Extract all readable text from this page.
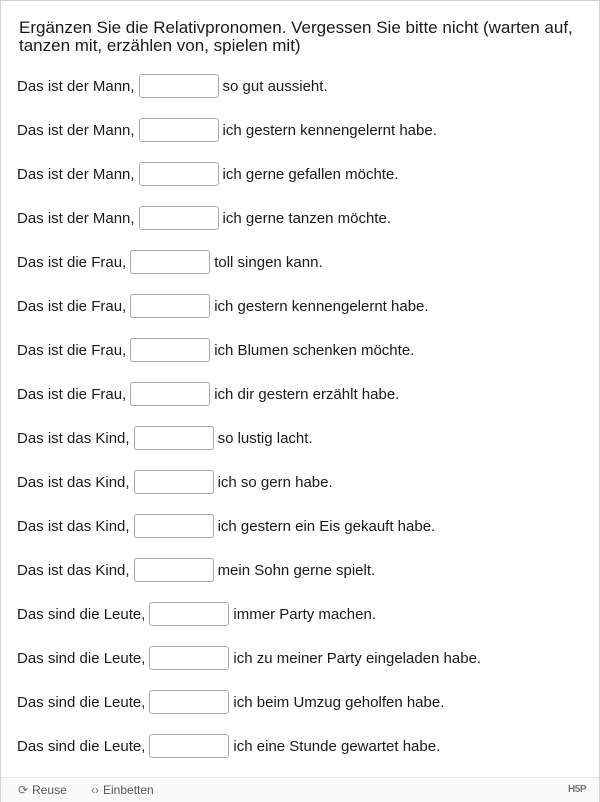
Ergänzen Sie die Relativpronomen. Vergessen Sie bitte nicht (warten auf, tanzen mit, erzählen von, spielen mit)

Das ist der Mann,	so gut aussieht.
Das ist der Mann,	ich gestern kennengelernt habe.
Das ist der Mann,	ich gerne gefallen möchte.
Das ist der Mann,	ich gerne tanzen möchte.
Das ist die Frau,	toll singen kann.
Das ist die Frau,	ich gestern kennengelernt habe.
Das ist die Frau,	ich Blumen schenken möchte.
Das ist die Frau,	ich dir gestern erzählt habe.
Das ist das Kind,	so lustig lacht.
Das ist das Kind,	ich so gern habe.
Das ist das Kind,	ich gestern ein Eis gekauft habe.
Das ist das Kind,	mein Sohn gerne spielt.
Das sind die Leute,	immer Party machen.
Das sind die Leute,	ich zu meiner Party eingeladen habe.
Das sind die Leute,	ich beim Umzug geholfen habe.
Das sind die Leute,	ich eine Stunde gewartet habe.
⟳ Reuse ‹› Einbetten	H5P
